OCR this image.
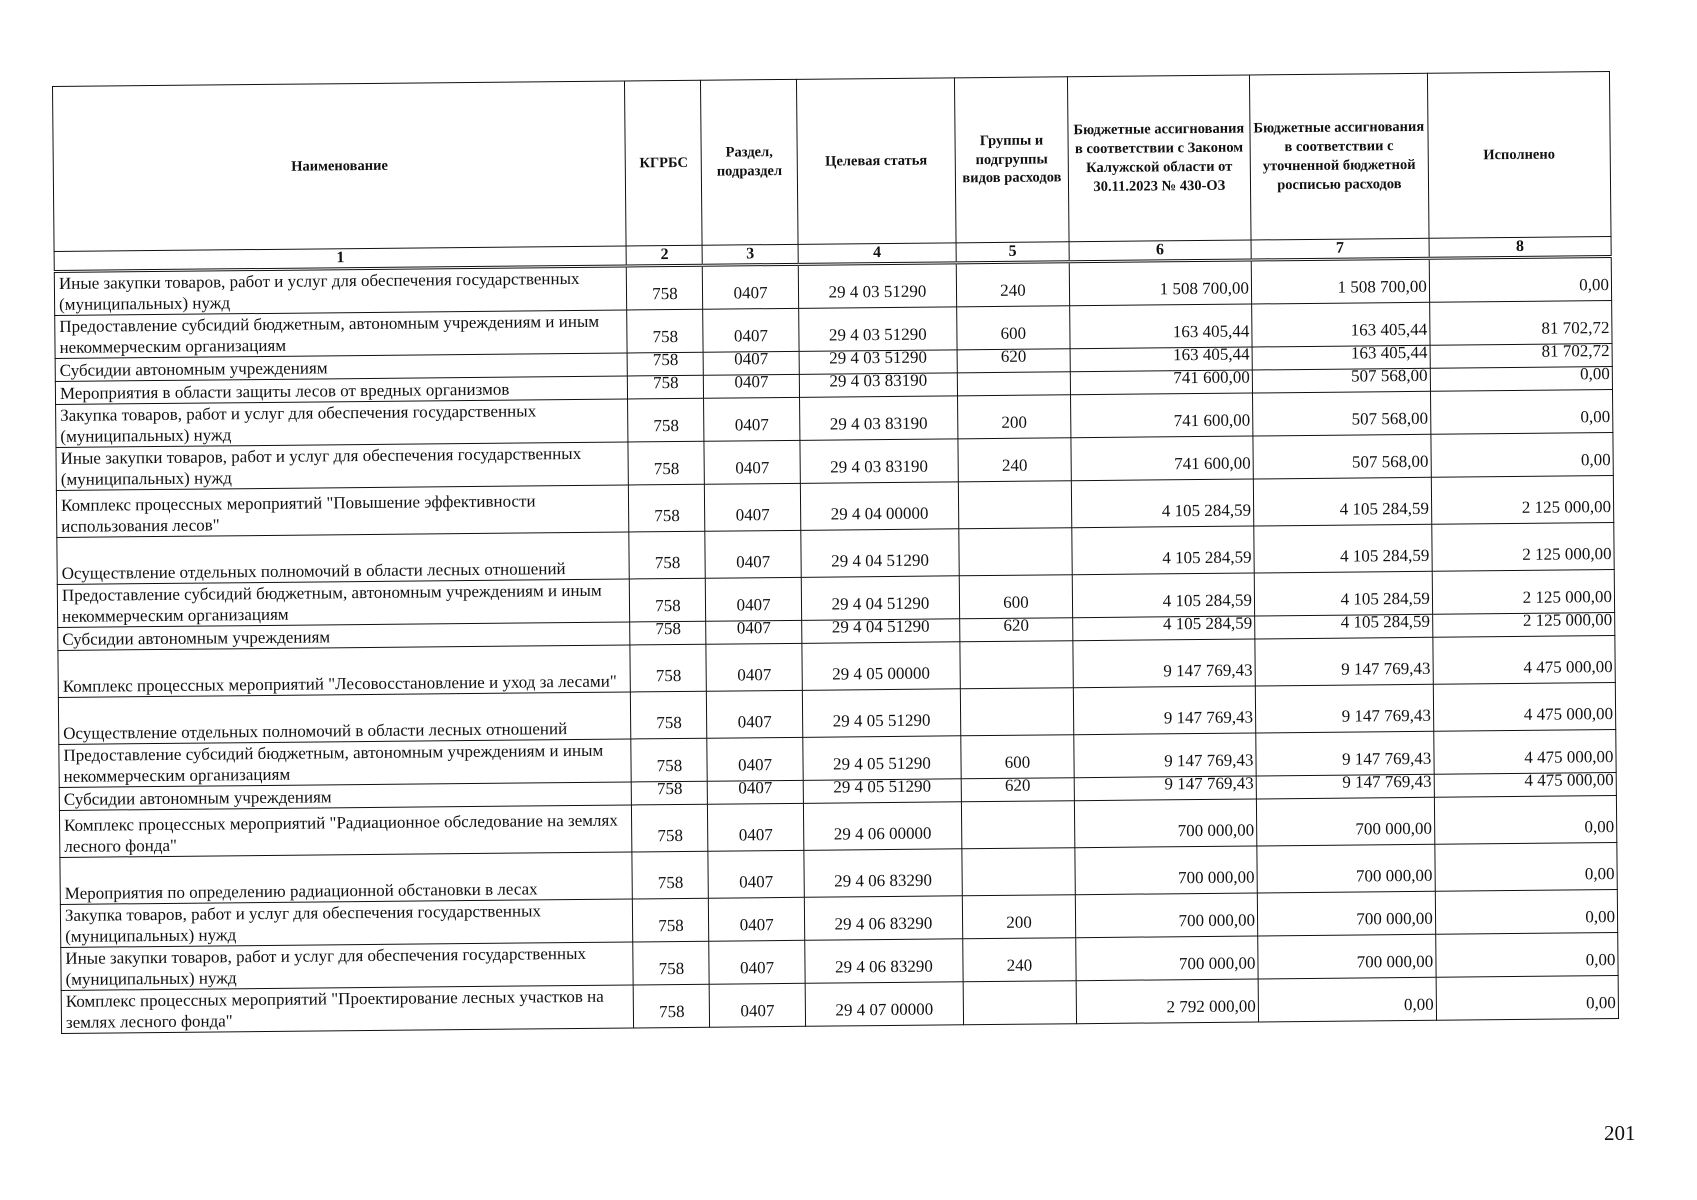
Наименование	КГРБС	Раздел, подраздел	Целевая статья	Группы и подгруппы видов расходов	Бюджетные ассигнования в соответствии с Законом Калужской области от 30.11.2023 № 430-ОЗ	Бюджетные ассигнования в соответствии с уточненной бюджетной росписью расходов	Исполнено
1	2	3	4	5	6	7	8
Иные закупки товаров, работ и услуг для обеспечения государственных (муниципальных) нужд	758	0407	29 4 03 51290	240	1 508 700,00	1 508 700,00	0,00
Предоставление субсидий бюджетным, автономным учреждениям и иным некоммерческим организациям	758	0407	29 4 03 51290	600	163 405,44	163 405,44	81 702,72
Субсидии автономным учреждениям	758	0407	29 4 03 51290	620	163 405,44	163 405,44	81 702,72
Мероприятия в области защиты лесов от вредных организмов	758	0407	29 4 03 83190		741 600,00	507 568,00	0,00
Закупка товаров, работ и услуг для обеспечения государственных (муниципальных) нужд	758	0407	29 4 03 83190	200	741 600,00	507 568,00	0,00
Иные закупки товаров, работ и услуг для обеспечения государственных (муниципальных) нужд	758	0407	29 4 03 83190	240	741 600,00	507 568,00	0,00
Комплекс процессных мероприятий "Повышение эффективности использования лесов"	758	0407	29 4 04 00000		4 105 284,59	4 105 284,59	2 125 000,00
Осуществление отдельных полномочий в области лесных отношений	758	0407	29 4 04 51290		4 105 284,59	4 105 284,59	2 125 000,00
Предоставление субсидий бюджетным, автономным учреждениям и иным некоммерческим организациям	758	0407	29 4 04 51290	600	4 105 284,59	4 105 284,59	2 125 000,00
Субсидии автономным учреждениям	758	0407	29 4 04 51290	620	4 105 284,59	4 105 284,59	2 125 000,00
Комплекс процессных мероприятий "Лесовосстановление и уход за лесами"	758	0407	29 4 05 00000		9 147 769,43	9 147 769,43	4 475 000,00
Осуществление отдельных полномочий в области лесных отношений	758	0407	29 4 05 51290		9 147 769,43	9 147 769,43	4 475 000,00
Предоставление субсидий бюджетным, автономным учреждениям и иным некоммерческим организациям	758	0407	29 4 05 51290	600	9 147 769,43	9 147 769,43	4 475 000,00
Субсидии автономным учреждениям	758	0407	29 4 05 51290	620	9 147 769,43	9 147 769,43	4 475 000,00
Комплекс процессных мероприятий "Радиационное обследование на землях лесного фонда"	758	0407	29 4 06 00000		700 000,00	700 000,00	0,00
Мероприятия по определению радиационной обстановки в лесах	758	0407	29 4 06 83290		700 000,00	700 000,00	0,00
Закупка товаров, работ и услуг для обеспечения государственных (муниципальных) нужд	758	0407	29 4 06 83290	200	700 000,00	700 000,00	0,00
Иные закупки товаров, работ и услуг для обеспечения государственных (муниципальных) нужд	758	0407	29 4 06 83290	240	700 000,00	700 000,00	0,00
Комплекс процессных мероприятий "Проектирование лесных участков на землях лесного фонда"	758	0407	29 4 07 00000		2 792 000,00	0,00	0,00
201
